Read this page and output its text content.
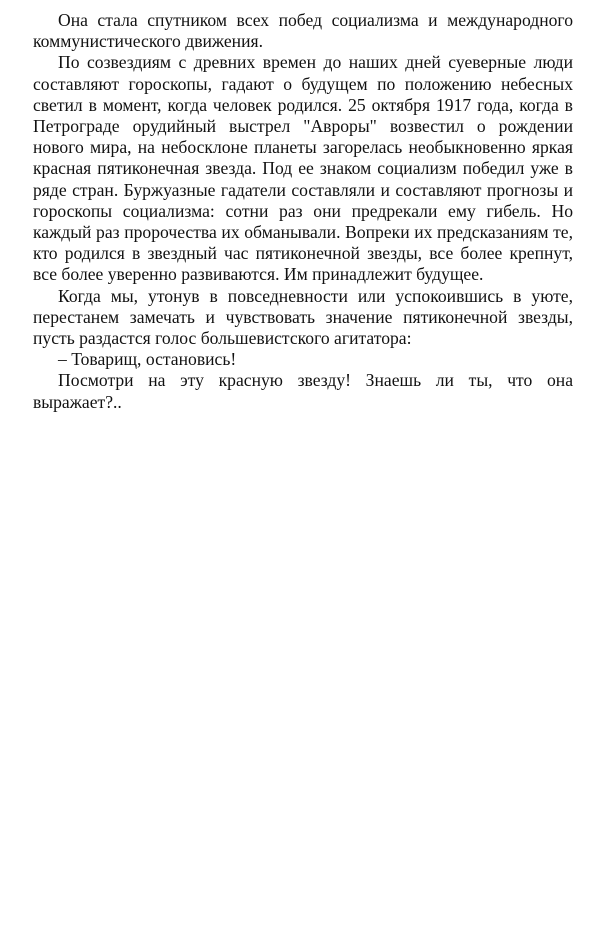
Она стала спутником всех побед социализма и международного коммунистического движения.

По созвездиям с древних времен до наших дней суеверные люди составляют гороскопы, гадают о будущем по положению небесных светил в момент, когда человек родился. 25 октября 1917 года, когда в Петрограде орудийный выстрел "Авроры" возвестил о рождении нового мира, на небосклоне планеты загорелась необыкновенно яркая красная пятиконечная звезда. Под ее знаком социализм победил уже в ряде стран. Буржуазные гадатели составляли и составляют прогнозы и гороскопы социализма: сотни раз они предрекали ему гибель. Но каждый раз пророчества их обманывали. Вопреки их предсказаниям те, кто родился в звездный час пятиконечной звезды, все более крепнут, все более уверенно развиваются. Им принадлежит будущее.

Когда мы, утонув в повседневности или успокоившись в уюте, перестанем замечать и чувствовать значение пятиконечной звезды, пусть раздастся голос большевистского агитатора:

– Товарищ, остановись!

Посмотри на эту красную звезду! Знаешь ли ты, что она выражает?..
